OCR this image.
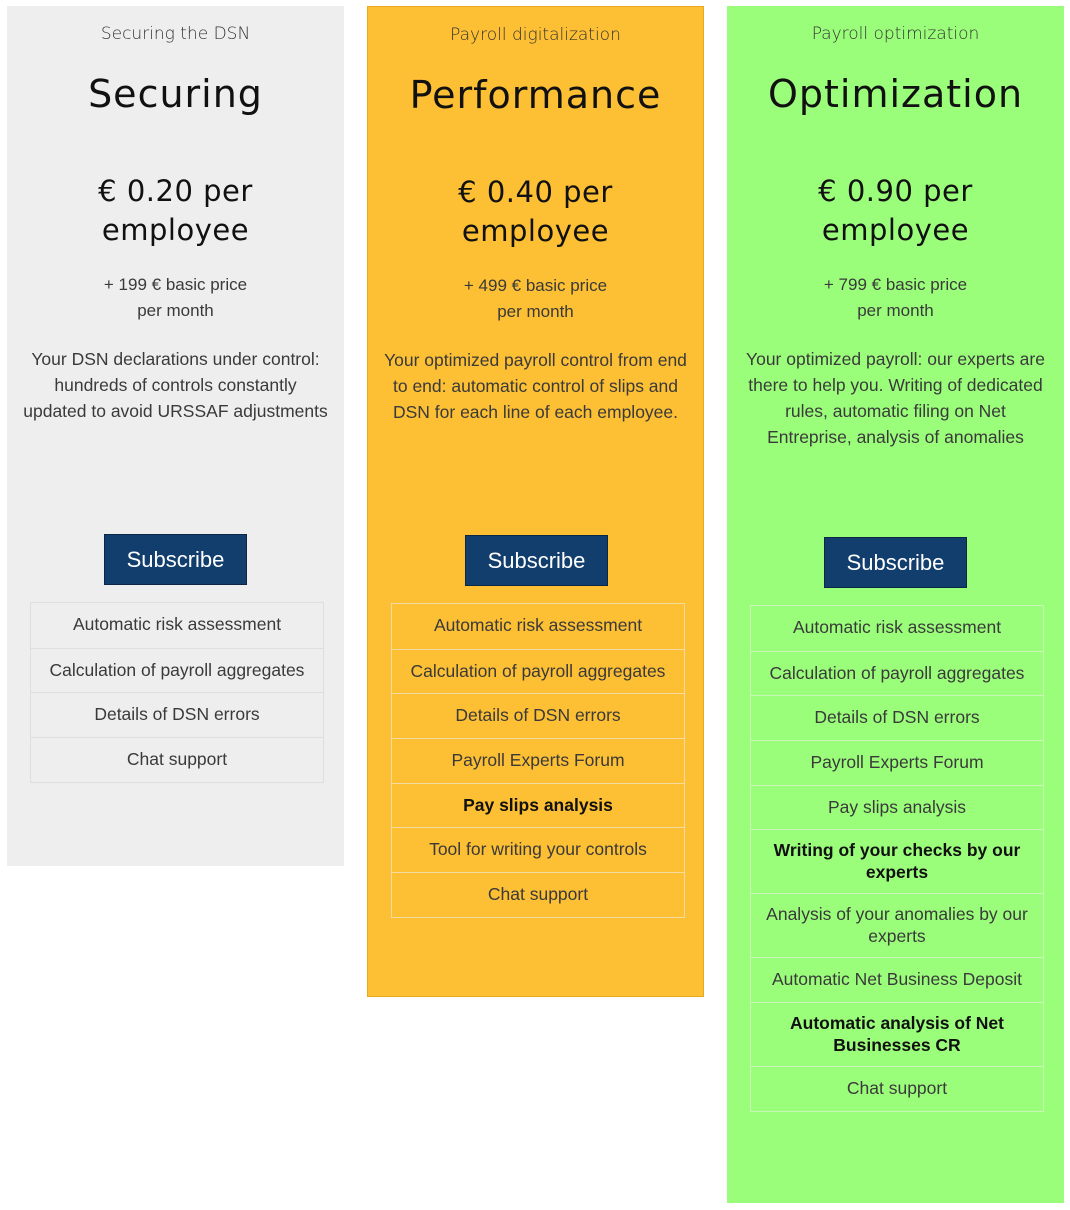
Securing the DSN
Securing
€ 0.20 per employee
+ 199 € basic price
per month
Your DSN declarations under control: hundreds of controls constantly updated to avoid URSSAF adjustments
Subscribe
Automatic risk assessment
Calculation of payroll aggregates
Details of DSN errors
Chat support
Payroll digitalization
Performance
€ 0.40 per employee
+ 499 € basic price
per month
Your optimized payroll control from end to end: automatic control of slips and DSN for each line of each employee.
Subscribe
Automatic risk assessment
Calculation of payroll aggregates
Details of DSN errors
Payroll Experts Forum
Pay slips analysis
Tool for writing your controls
Chat support
Payroll optimization
Optimization
€ 0.90 per employee
+ 799 € basic price
per month
Your optimized payroll: our experts are there to help you. Writing of dedicated rules, automatic filing on Net Entreprise, analysis of anomalies
Subscribe
Automatic risk assessment
Calculation of payroll aggregates
Details of DSN errors
Payroll Experts Forum
Pay slips analysis
Writing of your checks by our experts
Analysis of your anomalies by our experts
Automatic Net Business Deposit
Automatic analysis of Net Businesses CR
Chat support
